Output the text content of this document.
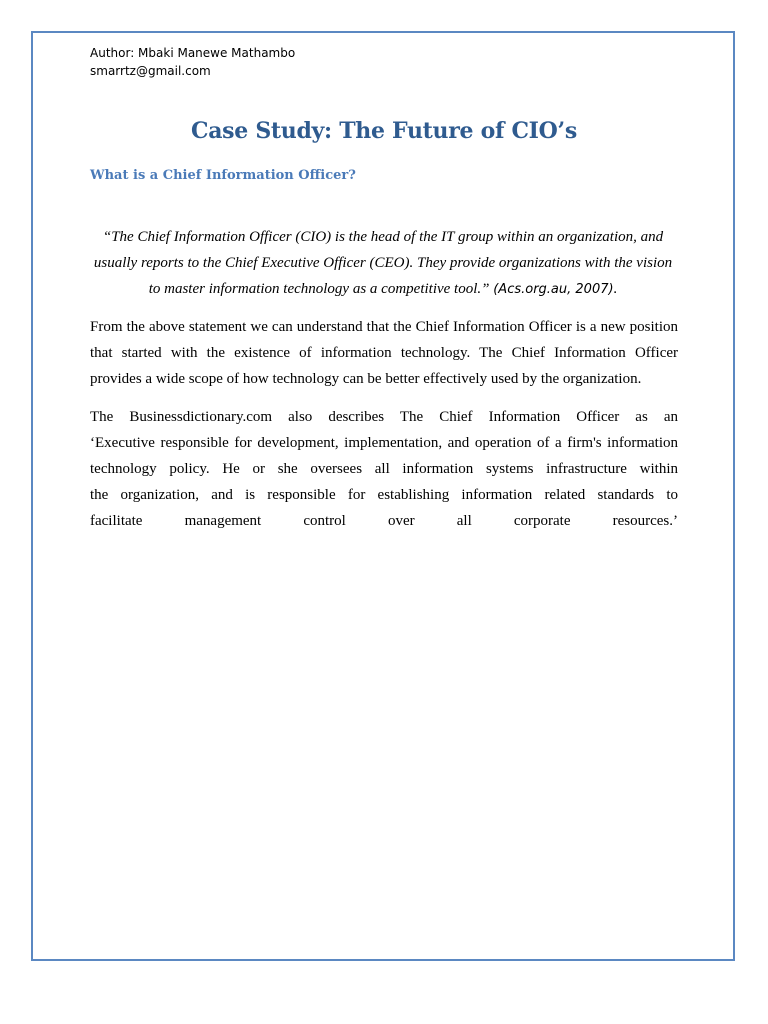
Author: Mbaki Manewe Mathambo
smarrtz@gmail.com
Case Study: The Future of CIO’s
What is a Chief Information Officer?
“The Chief Information Officer (CIO) is the head of the IT group within an organization, and
usually reports to the Chief Executive Officer (CEO). They provide organizations with the vision
to master information technology as a competitive tool.” (Acs.org.au, 2007).
From the above statement we can understand that the Chief Information Officer is a new position
that started with the existence of information technology. The Chief Information Officer
provides a wide scope of how technology can be better effectively used by the organization.
The Businessdictionary.com also describes The Chief Information Officer as an
‘Executive responsible for development, implementation, and operation of a firm's information
technology policy. He or she oversees all information systems infrastructure within
the organization, and is responsible for establishing information related standards to
facilitate management control over all corporate resources.’
